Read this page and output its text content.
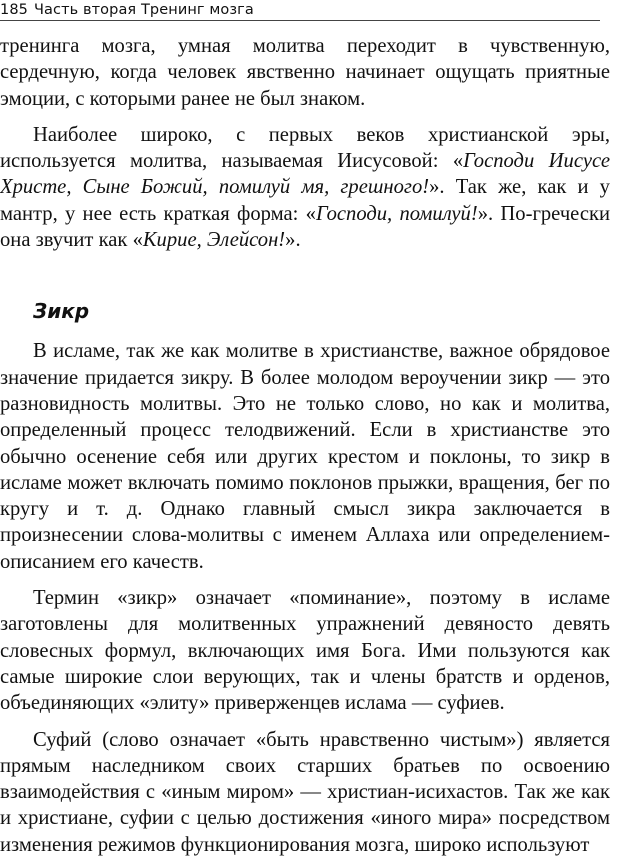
185 Часть вторая Тренинг мозга

тренинга мозга, умная молитва переходит в чувственную, сердечную, когда человек явственно начинает ощущать приятные эмоции, с которыми ранее не был знаком.

Наиболее широко, с первых веков христианской эры, используется молитва, называемая Иисусовой: «Господи Иисусе Христе, Сыне Божий, помилуй мя, грешного!». Так же, как и у мантр, у нее есть краткая форма: «Господи, помилуй!». По-гречески она звучит как «Кирие, Элейсон!».

Зикр

В исламе, так же как молитве в христианстве, важное обрядовое значение придается зикру. В более молодом вероучении зикр — это разновидность молитвы. Это не только слово, но как и молитва, определенный процесс телодвижений. Если в христианстве это обычно осенение себя или других крестом и поклоны, то зикр в исламе может включать помимо поклонов прыжки, вращения, бег по кругу и т. д. Однако главный смысл зикра заключается в произнесении слова-молитвы с именем Аллаха или определением-описанием его качеств.

Термин «зикр» означает «поминание», поэтому в исламе заготовлены для молитвенных упражнений девяносто девять словесных формул, включающих имя Бога. Ими пользуются как самые широкие слои верующих, так и члены братств и орденов, объединяющих «элиту» приверженцев ислама — суфиев.

Суфий (слово означает «быть нравственно чистым») является прямым наследником своих старших братьев по освоению взаимодействия с «иным миром» — христиан-исихастов. Так же как и христиане, суфии с целью достижения «иного мира» посредством изменения режимов функционирования мозга, широко используют
